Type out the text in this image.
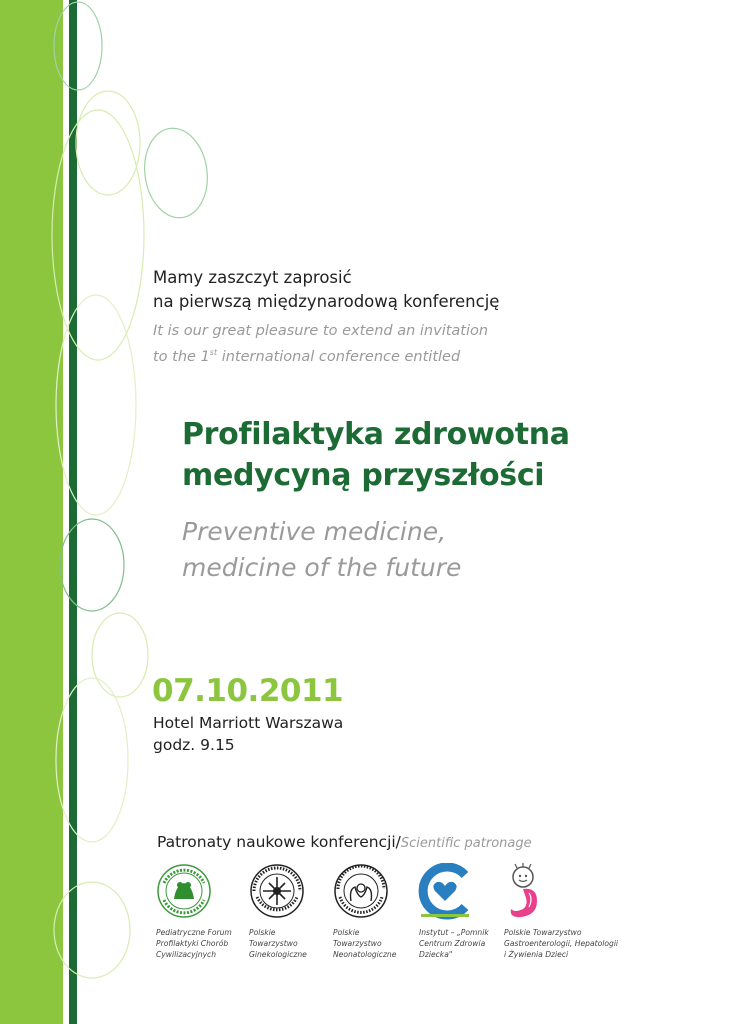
Mamy zaszczyt zaprosić
na pierwszą międzynarodową konferencję
It is our great pleasure to extend an invitation
to the 1st international conference entitled
Profilaktyka zdrowotna
medycyną przyszłości
Preventive medicine,
medicine of the future
07.10.2011
Hotel Marriott Warszawa
godz. 9.15
Patronaty naukowe konferencji/Scientific patronage
Pediatryczne Forum
Profilaktyki Chorób
Cywilizacyjnych
Polskie
Towarzystwo
Ginekologiczne
Polskie
Towarzystwo
Neonatologiczne
Instytut – „Pomnik
Centrum Zdrowia
Dziecka"
Polskie Towarzystwo
Gastroenterologii, Hepatologii
i Żywienia Dzieci
